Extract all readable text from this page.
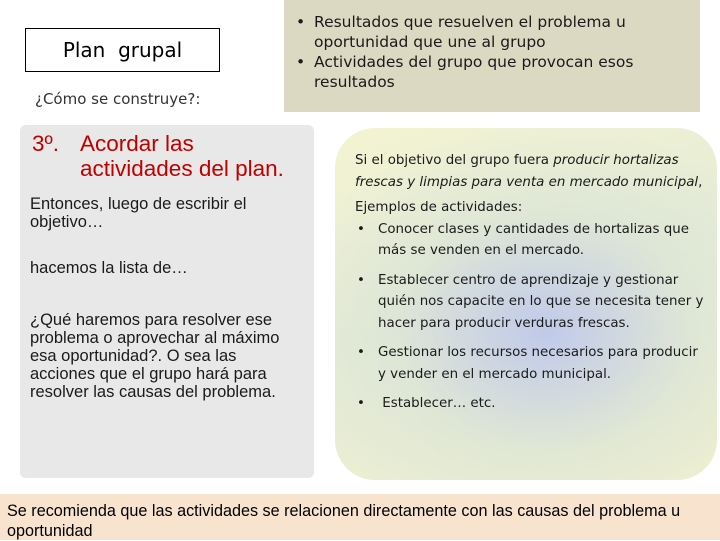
Plan  grupal
¿Cómo se construye?:
• Resultados que resuelven el problema u oportunidad que une al grupo
• Actividades del grupo que provocan esos resultados
3º. Acordar las actividades del plan.

Entonces, luego de escribir el objetivo…

hacemos la lista de…

¿Qué haremos para resolver ese problema o aprovechar al máximo esa oportunidad?. O sea las acciones que el grupo hará para resolver las causas del problema.

Si el objetivo del grupo fuera producir hortalizas frescas y limpias para venta en mercado municipal,

Ejemplos de actividades:

• Conocer clases y cantidades de hortalizas que más se venden en el mercado.
• Establecer centro de aprendizaje y gestionar quién nos capacite en lo que se necesita tener y hacer para producir verduras frescas.
• Gestionar los recursos necesarios para producir y vender en el mercado municipal.
•  Establecer… etc.
Se recomienda que las actividades se relacionen directamente con las causas del problema u oportunidad
